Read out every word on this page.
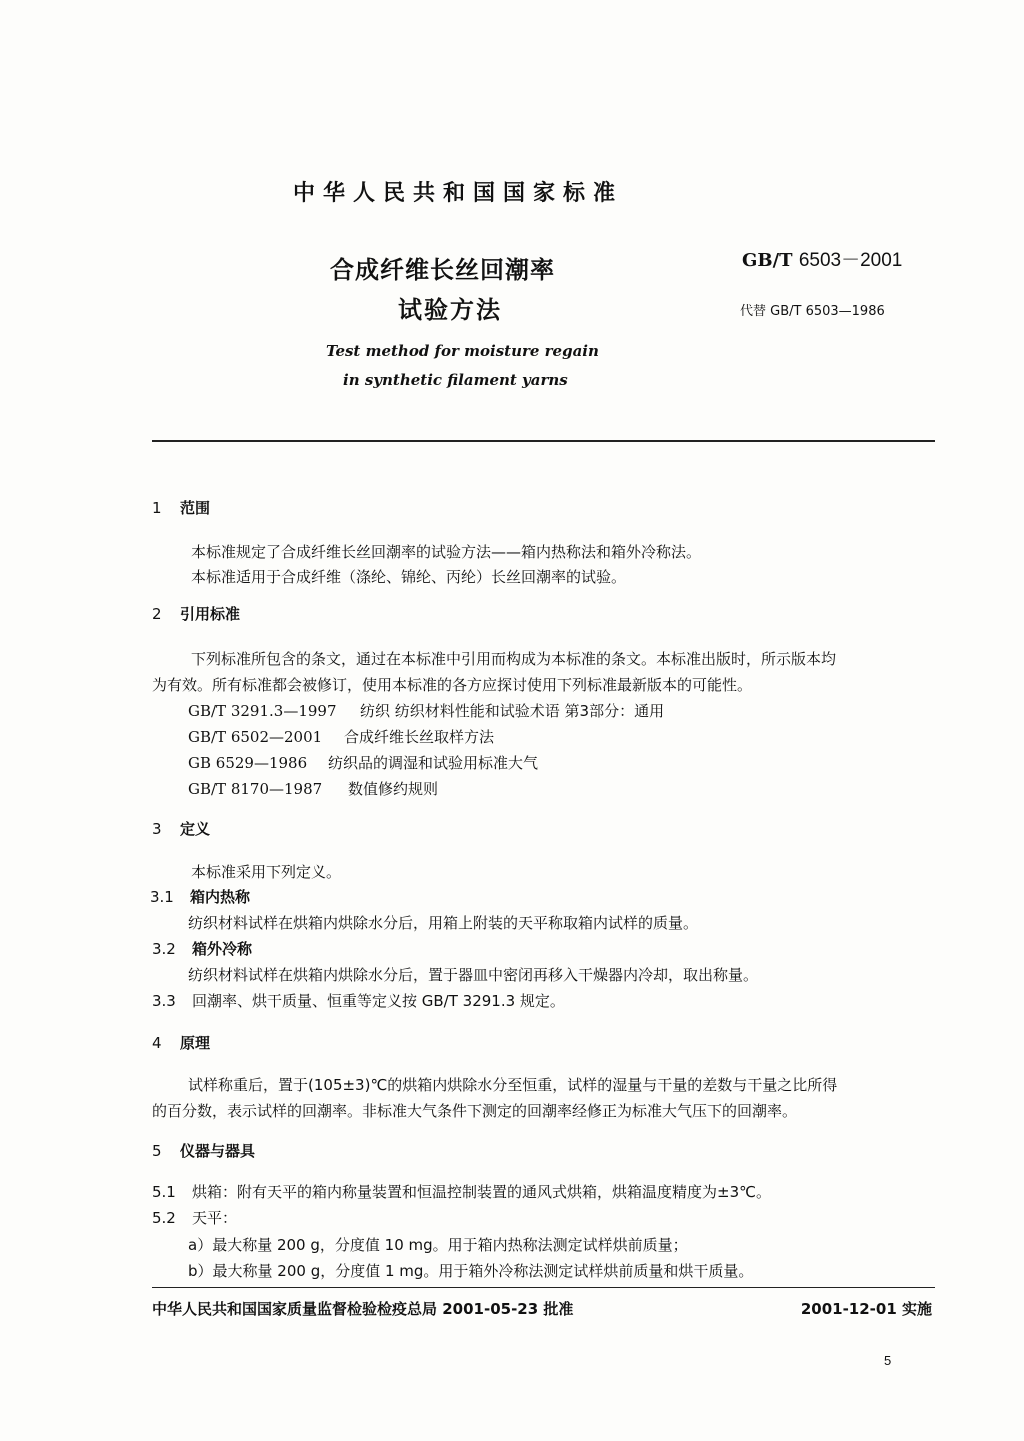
中华人民共和国国家标准
合成纤维长丝回潮率
试验方法
GB/T 6503－2001
代替 GB/T 6503—1986
Test method for moisture regain
in synthetic filament yarns
1 范围
本标准规定了合成纤维长丝回潮率的试验方法——箱内热称法和箱外冷称法。
本标准适用于合成纤维（涤纶、锦纶、丙纶）长丝回潮率的试验。
2 引用标准
下列标准所包含的条文，通过在本标准中引用而构成为本标准的条文。本标准出版时，所示版本均
为有效。所有标准都会被修订，使用本标准的各方应探讨使用下列标准最新版本的可能性。
GB/T 3291.3—1997 纺织 纺织材料性能和试验术语 第3部分：通用
GB/T 6502—2001 合成纤维长丝取样方法
GB 6529—1986 纺织品的调湿和试验用标准大气
GB/T 8170—1987 数值修约规则
3 定义
本标准采用下列定义。
3.1 箱内热称
纺织材料试样在烘箱内烘除水分后，用箱上附装的天平称取箱内试样的质量。
3.2 箱外冷称
纺织材料试样在烘箱内烘除水分后，置于器皿中密闭再移入干燥器内冷却，取出称量。
3.3 回潮率、烘干质量、恒重等定义按 GB/T 3291.3 规定。
4 原理
试样称重后，置于(105±3)℃的烘箱内烘除水分至恒重，试样的湿量与干量的差数与干量之比所得
的百分数，表示试样的回潮率。非标准大气条件下测定的回潮率经修正为标准大气压下的回潮率。
5 仪器与器具
5.1 烘箱：附有天平的箱内称量装置和恒温控制装置的通风式烘箱，烘箱温度精度为±3℃。
5.2 天平：
a）最大称量 200 g，分度值 10 mg。用于箱内热称法测定试样烘前质量；
b）最大称量 200 g，分度值 1 mg。用于箱外冷称法测定试样烘前质量和烘干质量。
中华人民共和国国家质量监督检验检疫总局 2001-05-23 批准	2001-12-01 实施
5
